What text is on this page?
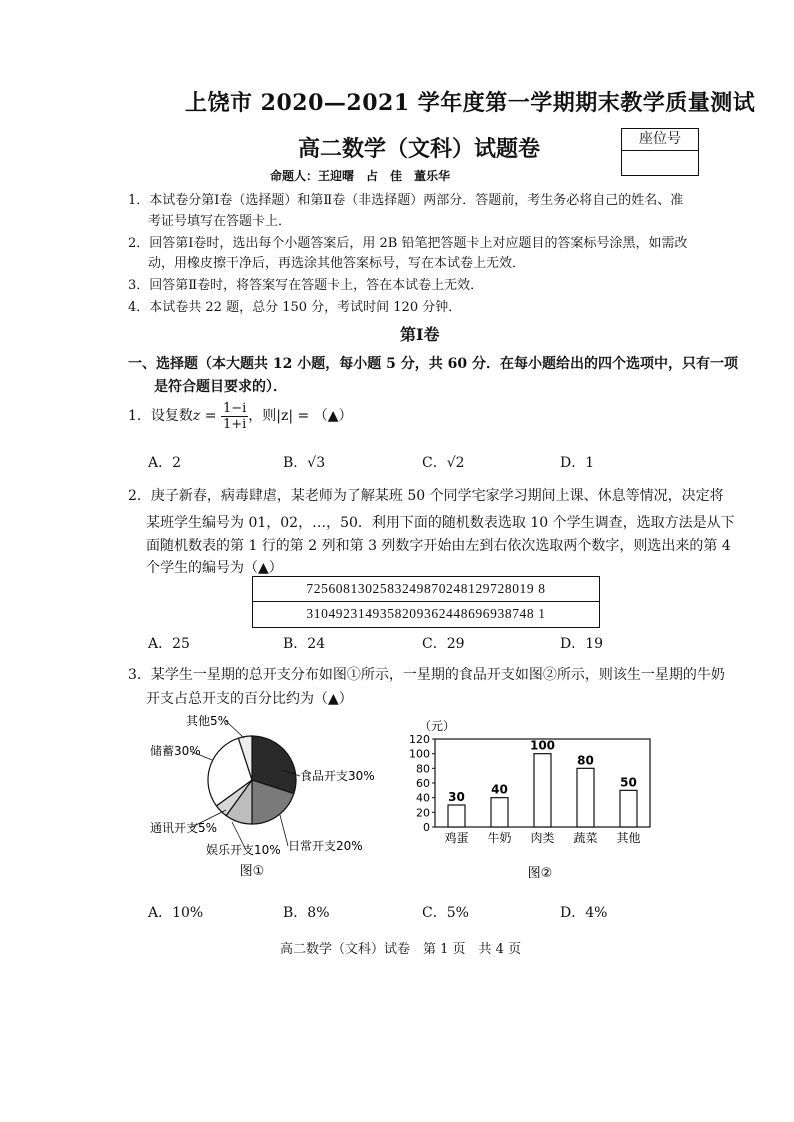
上饶市 2020—2021 学年度第一学期期末教学质量测试
高二数学（文科）试题卷	座位号
命题人：王迎曙　占　佳　董乐华
1．本试卷分第Ⅰ卷（选择题）和第Ⅱ卷（非选择题）两部分．答题前，考生务必将自己的姓名、准
考证号填写在答题卡上．
2．回答第Ⅰ卷时，选出每个小题答案后，用 2B 铅笔把答题卡上对应题目的答案标号涂黑，如需改
动，用橡皮擦干净后，再选涂其他答案标号，写在本试卷上无效．
3．回答第Ⅱ卷时，将答案写在答题卡上，答在本试卷上无效．
4．本试卷共 22 题，总分 150 分，考试时间 120 分钟．
第Ⅰ卷
一、选择题（本大题共 12 小题，每小题 5 分，共 60 分．在每小题给出的四个选项中，只有一项
是符合题目要求的）．
1．设复数$z = \frac{1-i}{1+i}$ ，则|z| = （▲）
A．2	B．√3	C．√2	D．1
2．庚子新春，病毒肆虐，某老师为了解某班 50 个同学宅家学习期间上课、休息等情况，决定将
某班学生编号为 01，02，…，50．利用下面的随机数表选取 10 个学生调查，选取方法是从下
面随机数表的第 1 行的第 2 列和第 3 列数字开始由左到右依次选取两个数字，则选出来的第 4
个学生的编号为（▲）
7256081302583249870248129728019 8
3104923149358209362448696938748 1
A．25	B．24	C．29	D．19
3．某学生一星期的总开支分布如图①所示，一星期的食品开支如图②所示，则该生一星期的牛奶
开支占总开支的百分比约为（▲）
食品开支30%
日常开支20%
娱乐开支10%
通讯开支5%
储蓄30%
其他5%
图①
（元）
0
20
40
60
80
100
120
30
鸡蛋
40
牛奶
100
肉类
80
蔬菜
50
其他
图②
A．10%	B．8%	C．5%	D．4%
高二数学（文科）试卷　第 1 页　共 4 页
